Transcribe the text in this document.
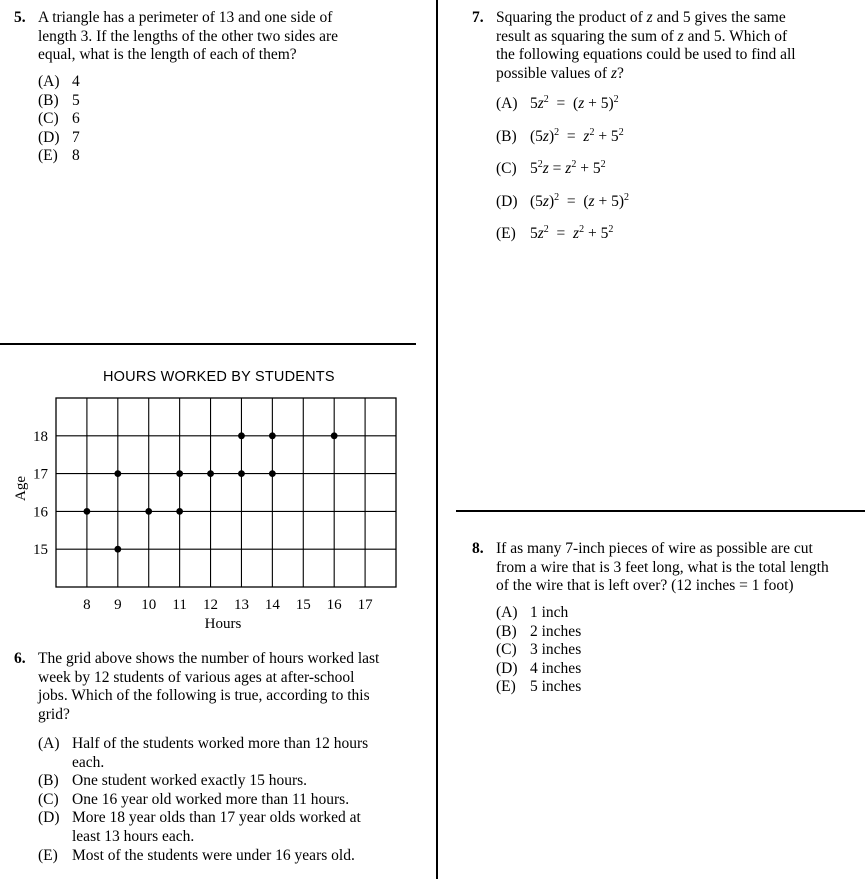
5. A triangle has a perimeter of 13 and one side of
length 3. If the lengths of the other two sides are
equal, what is the length of each of them?
(A) 4
(B) 5
(C) 6
(D) 7
(E) 8
HOURS WORKED BY STUDENTS
8 9 10 11 12 13 14 15 16 17
15
16
17
18
Hours
Age
6. The grid above shows the number of hours worked last
week by 12 students of various ages at after-school
jobs. Which of the following is true, according to this
grid?
(A) Half of the students worked more than 12 hours each.
(B) One student worked exactly 15 hours.
(C) One 16 year old worked more than 11 hours.
(D) More 18 year olds than 17 year olds worked at least 13 hours each.
(E) Most of the students were under 16 years old.
7. Squaring the product of z and 5 gives the same
result as squaring the sum of z and 5. Which of
the following equations could be used to find all
possible values of z?
(A) $5z^2 = (z + 5)^2$
(B) $(5z)^2 = z^2 + 5^2$
(C) $5^2z = z^2 + 5^2$
(D) $(5z)^2 = (z + 5)^2$
(E) $5z^2 = z^2 + 5^2$
8. If as many 7-inch pieces of wire as possible are cut
from a wire that is 3 feet long, what is the total length
of the wire that is left over? (12 inches = 1 foot)
(A) 1 inch
(B) 2 inches
(C) 3 inches
(D) 4 inches
(E) 5 inches
